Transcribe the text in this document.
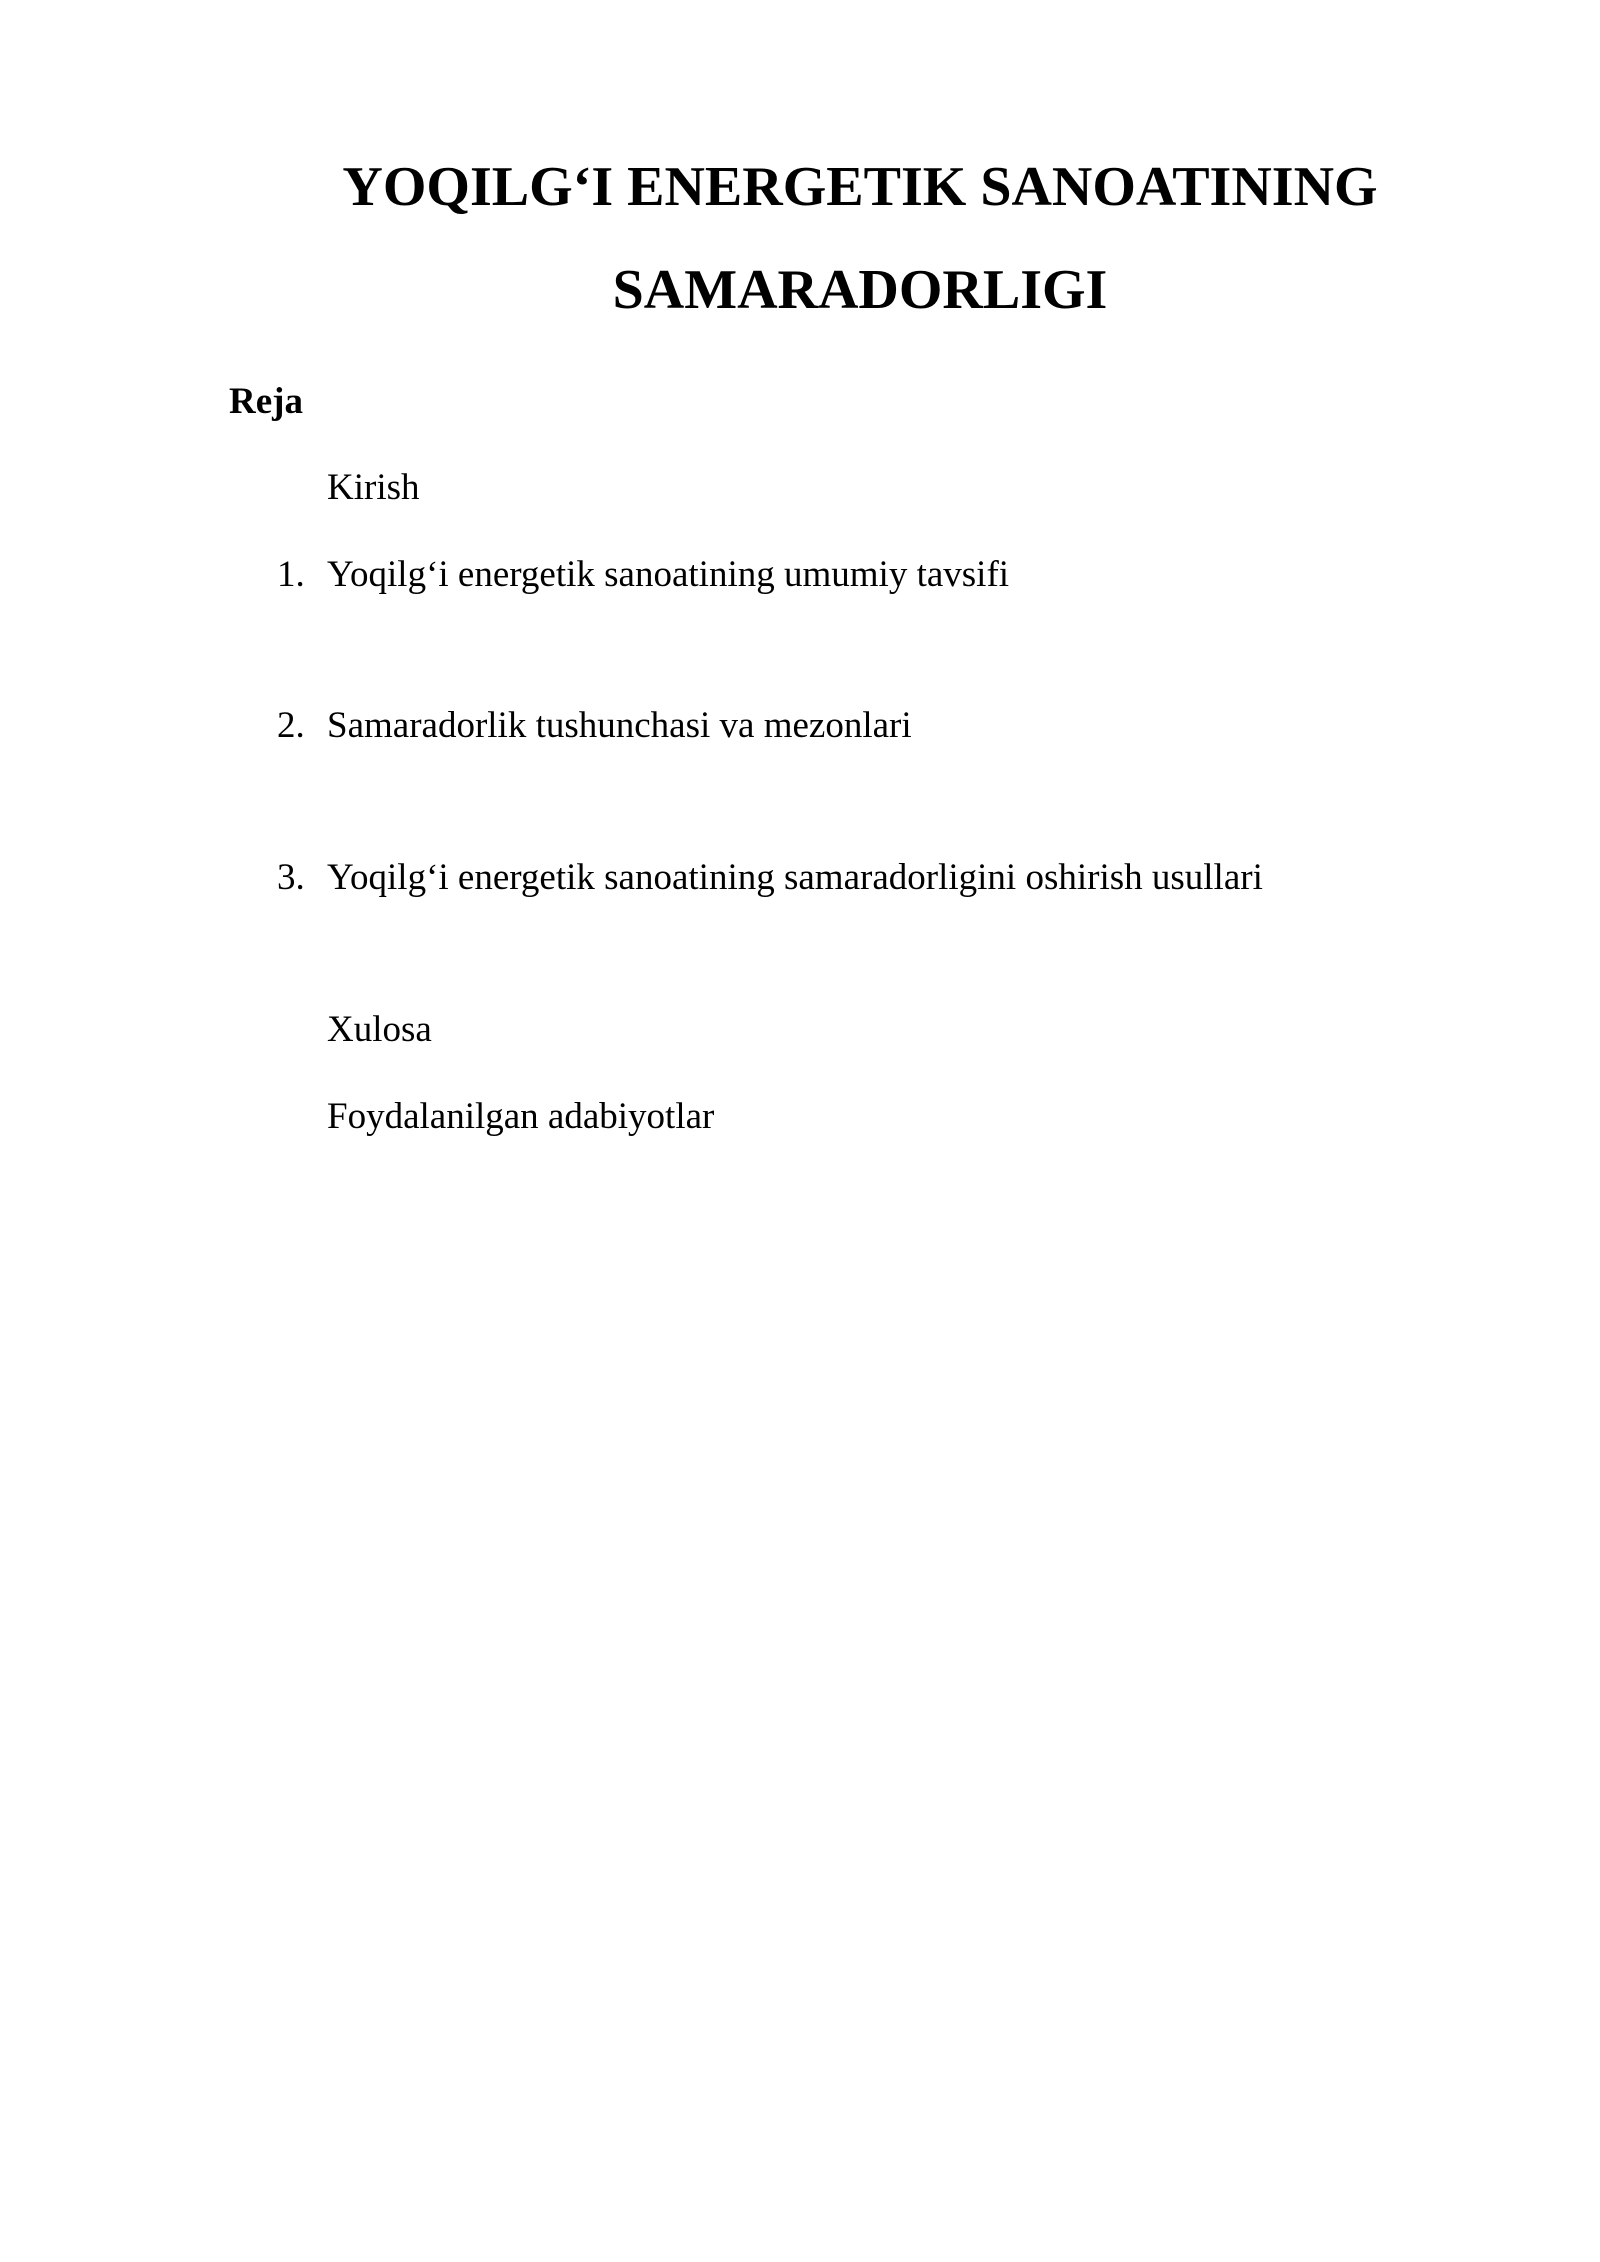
YOQILG‘I ENERGETIK SANOATINING
SAMARADORLIGI
Reja
Kirish
1. Yoqilg‘i energetik sanoatining umumiy tavsifi
2. Samaradorlik tushunchasi va mezonlari
3. Yoqilg‘i energetik sanoatining samaradorligini oshirish usullari
Xulosa
Foydalanilgan adabiyotlar
